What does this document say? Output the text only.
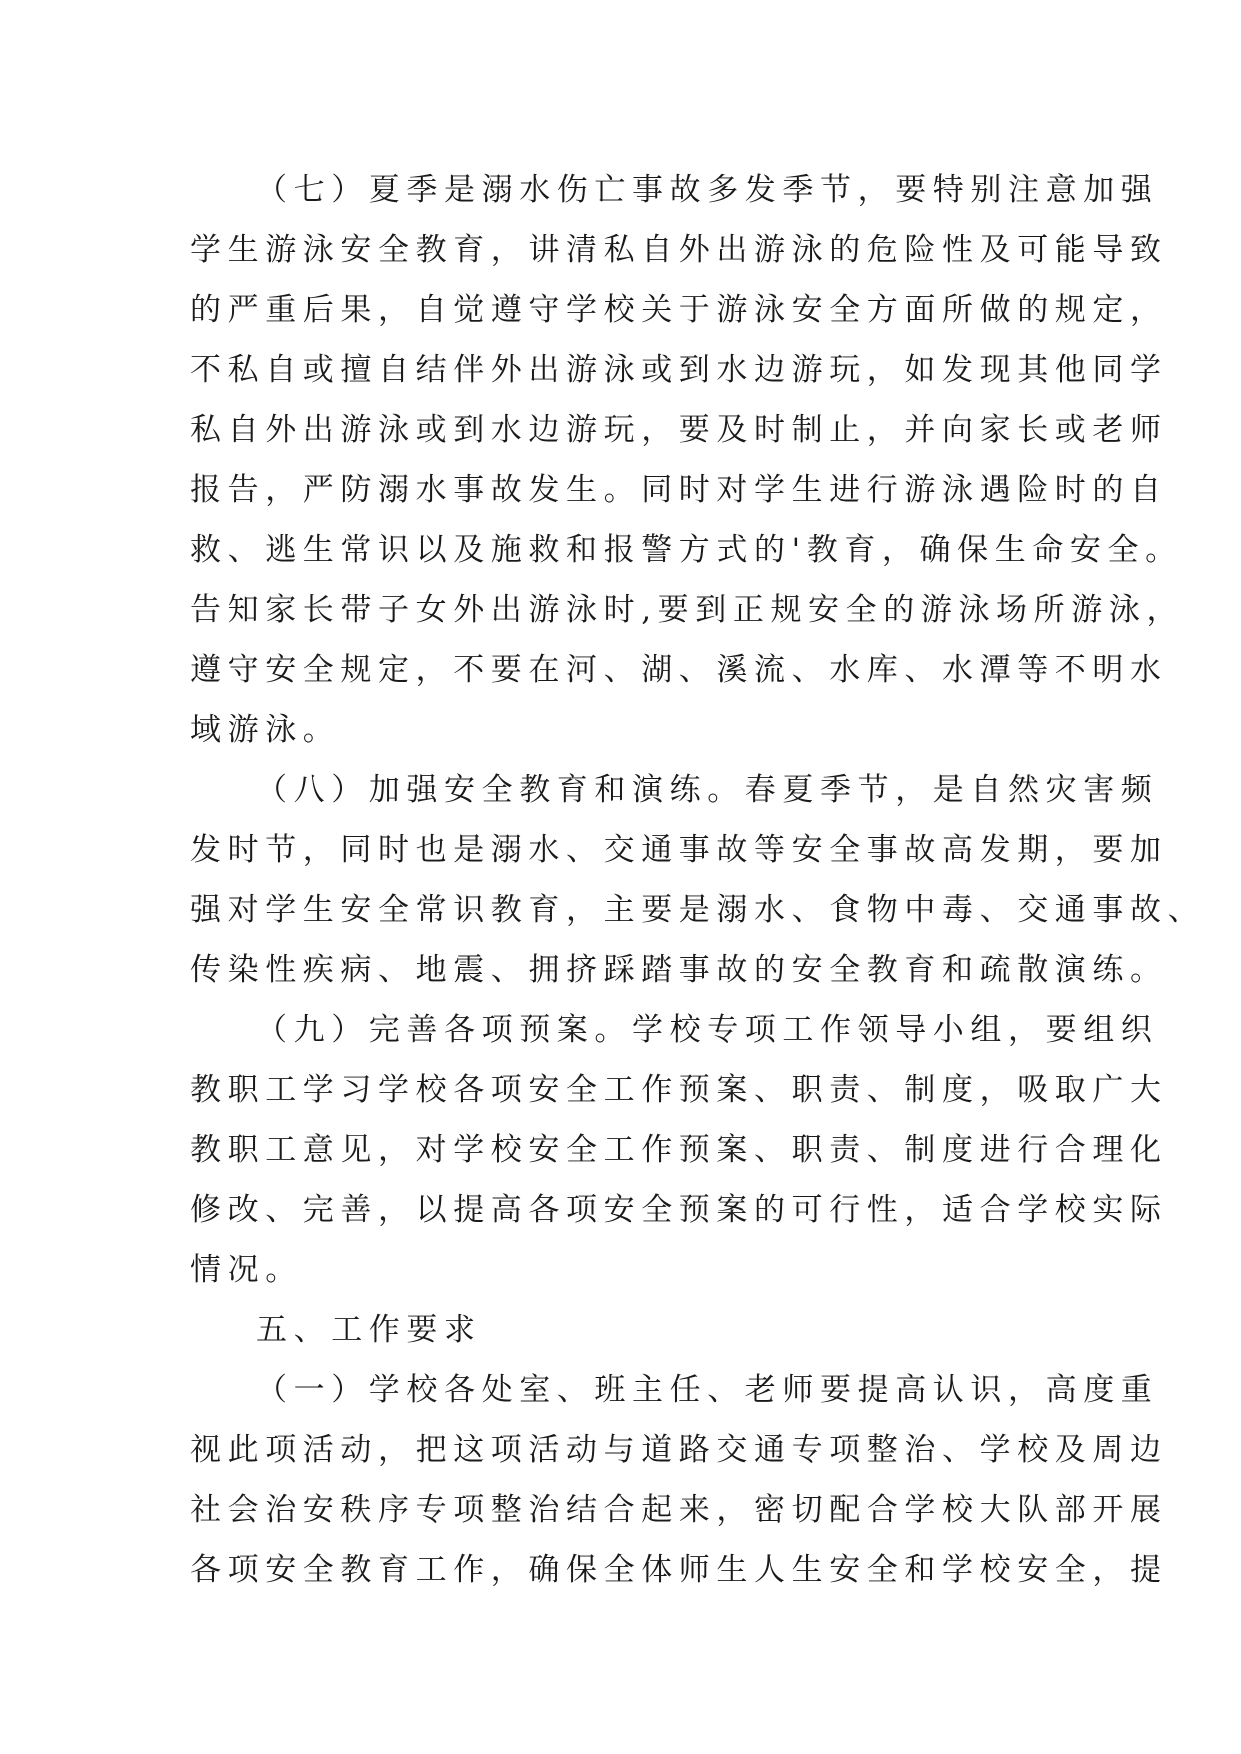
（七）夏季是溺水伤亡事故多发季节，要特别注意加强
学生游泳安全教育，讲清私自外出游泳的危险性及可能导致
的严重后果，自觉遵守学校关于游泳安全方面所做的规定，
不私自或擅自结伴外出游泳或到水边游玩，如发现其他同学
私自外出游泳或到水边游玩，要及时制止，并向家长或老师
报告，严防溺水事故发生。同时对学生进行游泳遇险时的自
救、逃生常识以及施救和报警方式的'教育，确保生命安全。
告知家长带子女外出游泳时,要到正规安全的游泳场所游泳，
遵守安全规定，不要在河、湖、溪流、水库、水潭等不明水
域游泳。
（八）加强安全教育和演练。春夏季节，是自然灾害频
发时节，同时也是溺水、交通事故等安全事故高发期，要加
强对学生安全常识教育，主要是溺水、食物中毒、交通事故、
传染性疾病、地震、拥挤踩踏事故的安全教育和疏散演练。
（九）完善各项预案。学校专项工作领导小组，要组织
教职工学习学校各项安全工作预案、职责、制度，吸取广大
教职工意见，对学校安全工作预案、职责、制度进行合理化
修改、完善，以提高各项安全预案的可行性，适合学校实际
情况。
五、工作要求
（一）学校各处室、班主任、老师要提高认识，高度重
视此项活动，把这项活动与道路交通专项整治、学校及周边
社会治安秩序专项整治结合起来，密切配合学校大队部开展
各项安全教育工作，确保全体师生人生安全和学校安全，提
